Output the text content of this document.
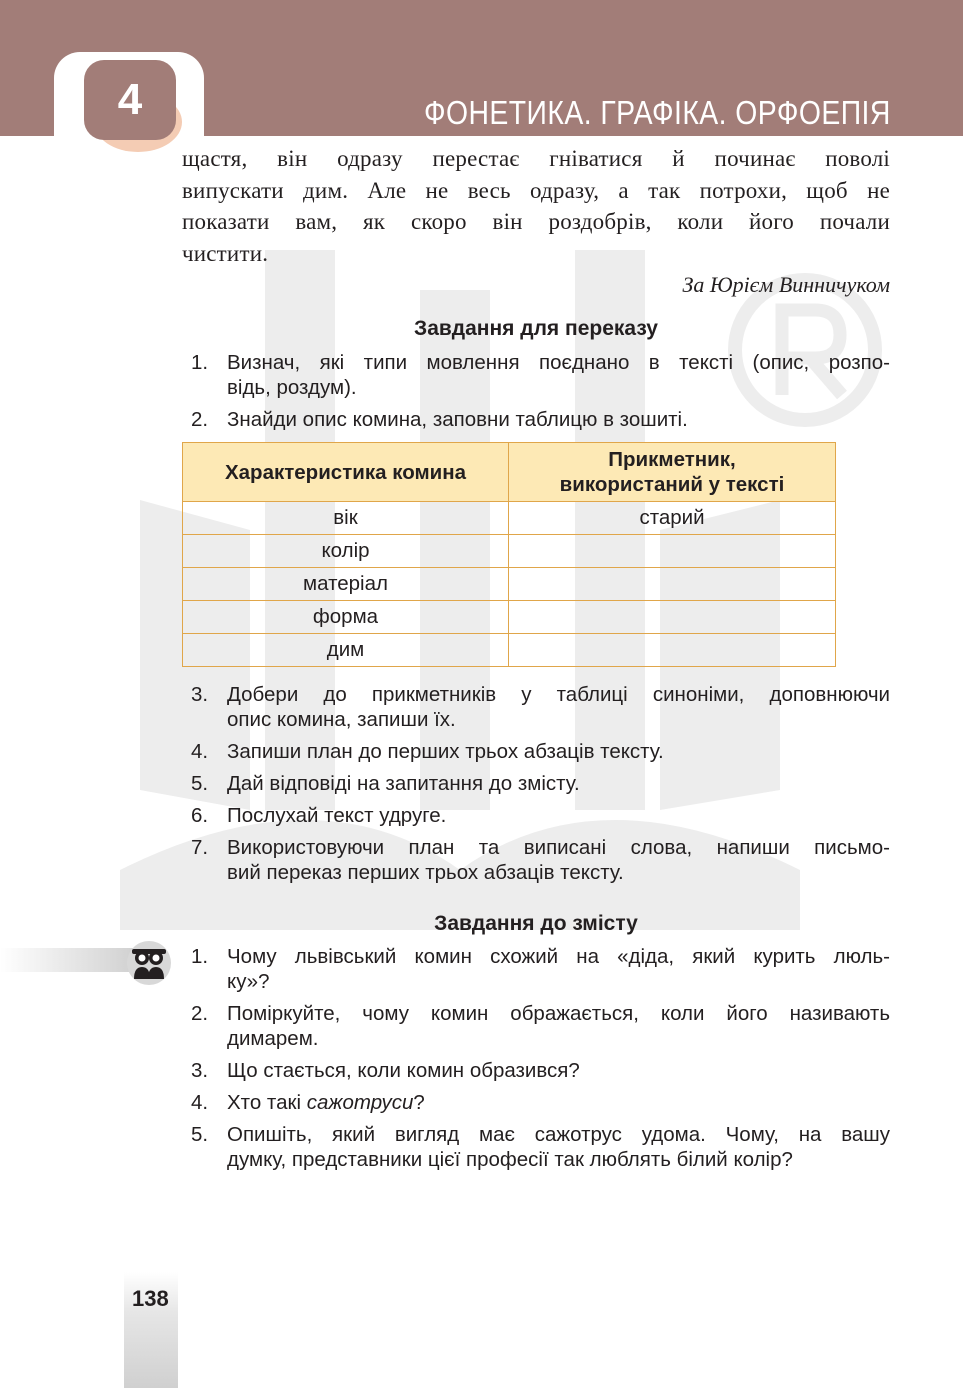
4	ФОНЕТИКА. ГРАФІКА. ОРФОЕПІЯ
щастя, він одразу перестає гніватися й починає поволі
випускати дим. Але не весь одразу, а так потрохи, щоб не
показати вам, як скоро він роздобрів, коли його почали
чистити.
За Юрієм Винничуком
Завдання для переказу
1. Визнач, які типи мовлення поєднано в тексті (опис, розпо-
відь, роздум).
2. Знайди опис комина, заповни таблицю в зошиті.
Характеристика комина	Прикметник,
використаний у тексті
вік	старий
колір	
матеріал	
форма	
дим	
3. Добери до прикметників у таблиці синоніми, доповнюючи
опис комина, запиши їх.
4. Запиши план до перших трьох абзаців тексту.
5. Дай відповіді на запитання до змісту.
6. Послухай текст удруге.
7. Використовуючи план та виписані слова, напиши письмо-
вий переказ перших трьох абзаців тексту.
Завдання до змісту
1. Чому львівський комин схожий на «діда, який курить люль-
ку»?
2. Поміркуйте, чому комин ображається, коли його називають
димарем.
3. Що стається, коли комин образився?
4. Хто такі сажотруси?
5. Опишіть, який вигляд має сажотрус удома. Чому, на вашу
думку, представники цієї професії так люблять білий колір?
138
